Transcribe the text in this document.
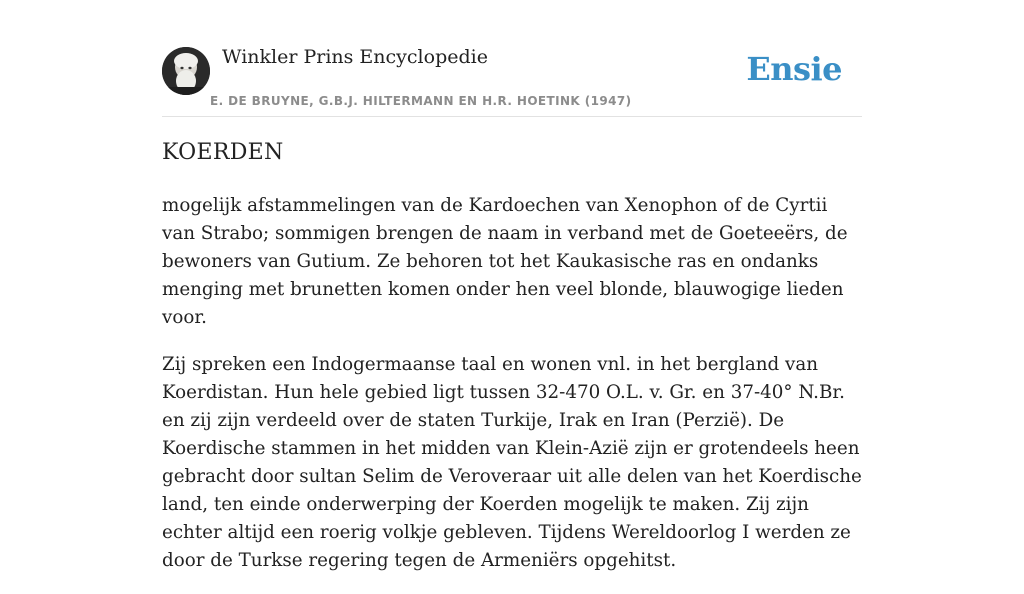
Winkler Prins Encyclopedie
E. DE BRUYNE, G.B.J. HILTERMANN EN H.R. HOETINK (1947)
Ensie
KOERDEN

mogelijk afstammelingen van de Kardoechen van Xenophon of de Cyrtii van Strabo; sommigen brengen de naam in verband met de Goeteeërs, de bewoners van Gutium. Ze behoren tot het Kaukasische ras en ondanks menging met brunetten komen onder hen veel blonde, blauwogige lieden voor.

Zij spreken een Indogermaanse taal en wonen vnl. in het bergland van Koerdistan. Hun hele gebied ligt tussen 32-470 O.L. v. Gr. en 37-40° N.Br. en zij zijn verdeeld over de staten Turkije, Irak en Iran (Perzië). De Koerdische stammen in het midden van Klein-Azië zijn er grotendeels heen gebracht door sultan Selim de Veroveraar uit alle delen van het Koerdische land, ten einde onderwerping der Koerden mogelijk te maken. Zij zijn echter altijd een roerig volkje gebleven. Tijdens Wereldoorlog I werden ze door de Turkse regering tegen de Armeniërs opgehitst.
